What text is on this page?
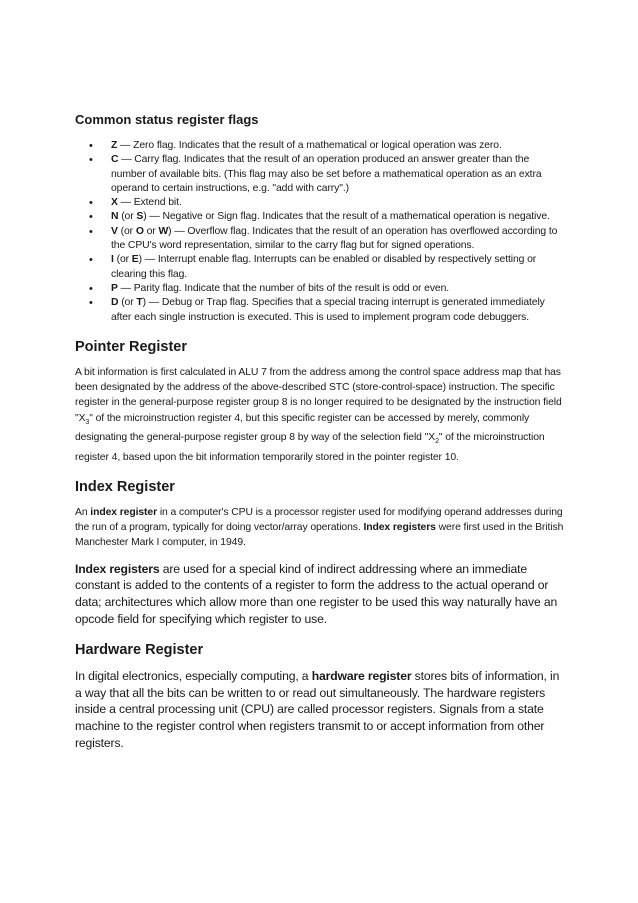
Common status register flags
• Z — Zero flag. Indicates that the result of a mathematical or logical operation was zero.
• C — Carry flag. Indicates that the result of an operation produced an answer greater than the number of available bits. (This flag may also be set before a mathematical operation as an extra operand to certain instructions, e.g. "add with carry".)
• X — Extend bit.
• N (or S) — Negative or Sign flag. Indicates that the result of a mathematical operation is negative.
• V (or O or W) — Overflow flag. Indicates that the result of an operation has overflowed according to the CPU's word representation, similar to the carry flag but for signed operations.
• I (or E) — Interrupt enable flag. Interrupts can be enabled or disabled by respectively setting or clearing this flag.
• P — Parity flag. Indicate that the number of bits of the result is odd or even.
• D (or T) — Debug or Trap flag. Specifies that a special tracing interrupt is generated immediately after each single instruction is executed. This is used to implement program code debuggers.
Pointer Register

A bit information is first calculated in ALU 7 from the address among the control space address map that has been designated by the address of the above-described STC (store-control-space) instruction. The specific register in the general-purpose register group 8 is no longer required to be designated by the instruction field "$X_3$" of the microinstruction register 4, but this specific register can be accessed by merely, commonly designating the general-purpose register group 8 by way of the selection field "$X_2$" of the microinstruction register 4, based upon the bit information temporarily stored in the pointer register 10.

Index Register

An index register in a computer's CPU is a processor register used for modifying operand addresses during the run of a program, typically for doing vector/array operations. Index registers were first used in the British Manchester Mark I computer, in 1949.

Index registers are used for a special kind of indirect addressing where an immediate constant is added to the contents of a register to form the address to the actual operand or data; architectures which allow more than one register to be used this way naturally have an opcode field for specifying which register to use.

Hardware Register

In digital electronics, especially computing, a hardware register stores bits of information, in a way that all the bits can be written to or read out simultaneously. The hardware registers inside a central processing unit (CPU) are called processor registers. Signals from a state machine to the register control when registers transmit to or accept information from other registers.
